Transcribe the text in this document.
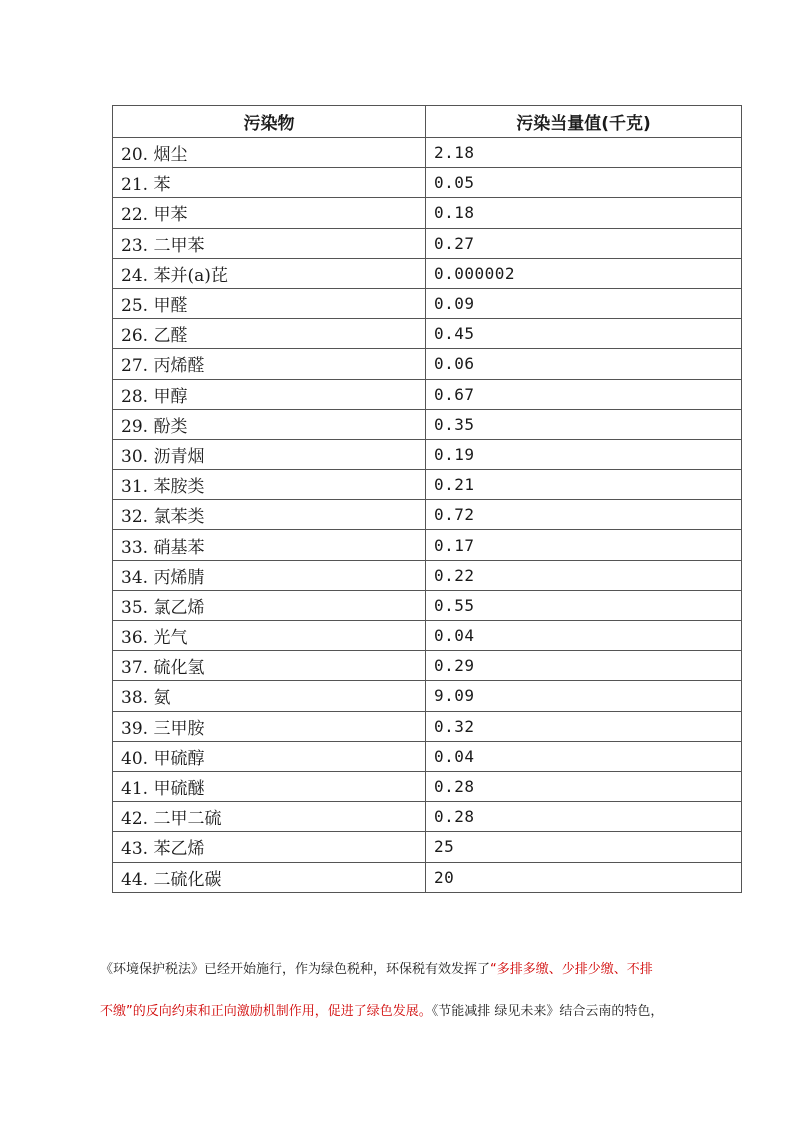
污染物	污染当量值(千克)
20. 烟尘	2.18
21. 苯	0.05
22. 甲苯	0.18
23. 二甲苯	0.27
24. 苯并(a)芘	0.000002
25. 甲醛	0.09
26. 乙醛	0.45
27. 丙烯醛	0.06
28. 甲醇	0.67
29. 酚类	0.35
30. 沥青烟	0.19
31. 苯胺类	0.21
32. 氯苯类	0.72
33. 硝基苯	0.17
34. 丙烯腈	0.22
35. 氯乙烯	0.55
36. 光气	0.04
37. 硫化氢	0.29
38. 氨	9.09
39. 三甲胺	0.32
40. 甲硫醇	0.04
41. 甲硫醚	0.28
42. 二甲二硫	0.28
43. 苯乙烯	25
44. 二硫化碳	20
《环境保护税法》已经开始施行，作为绿色税种，环保税有效发挥了“多排多缴、少排少缴、不排
不缴”的反向约束和正向激励机制作用，促进了绿色发展。《节能减排 绿见未来》结合云南的特色，
